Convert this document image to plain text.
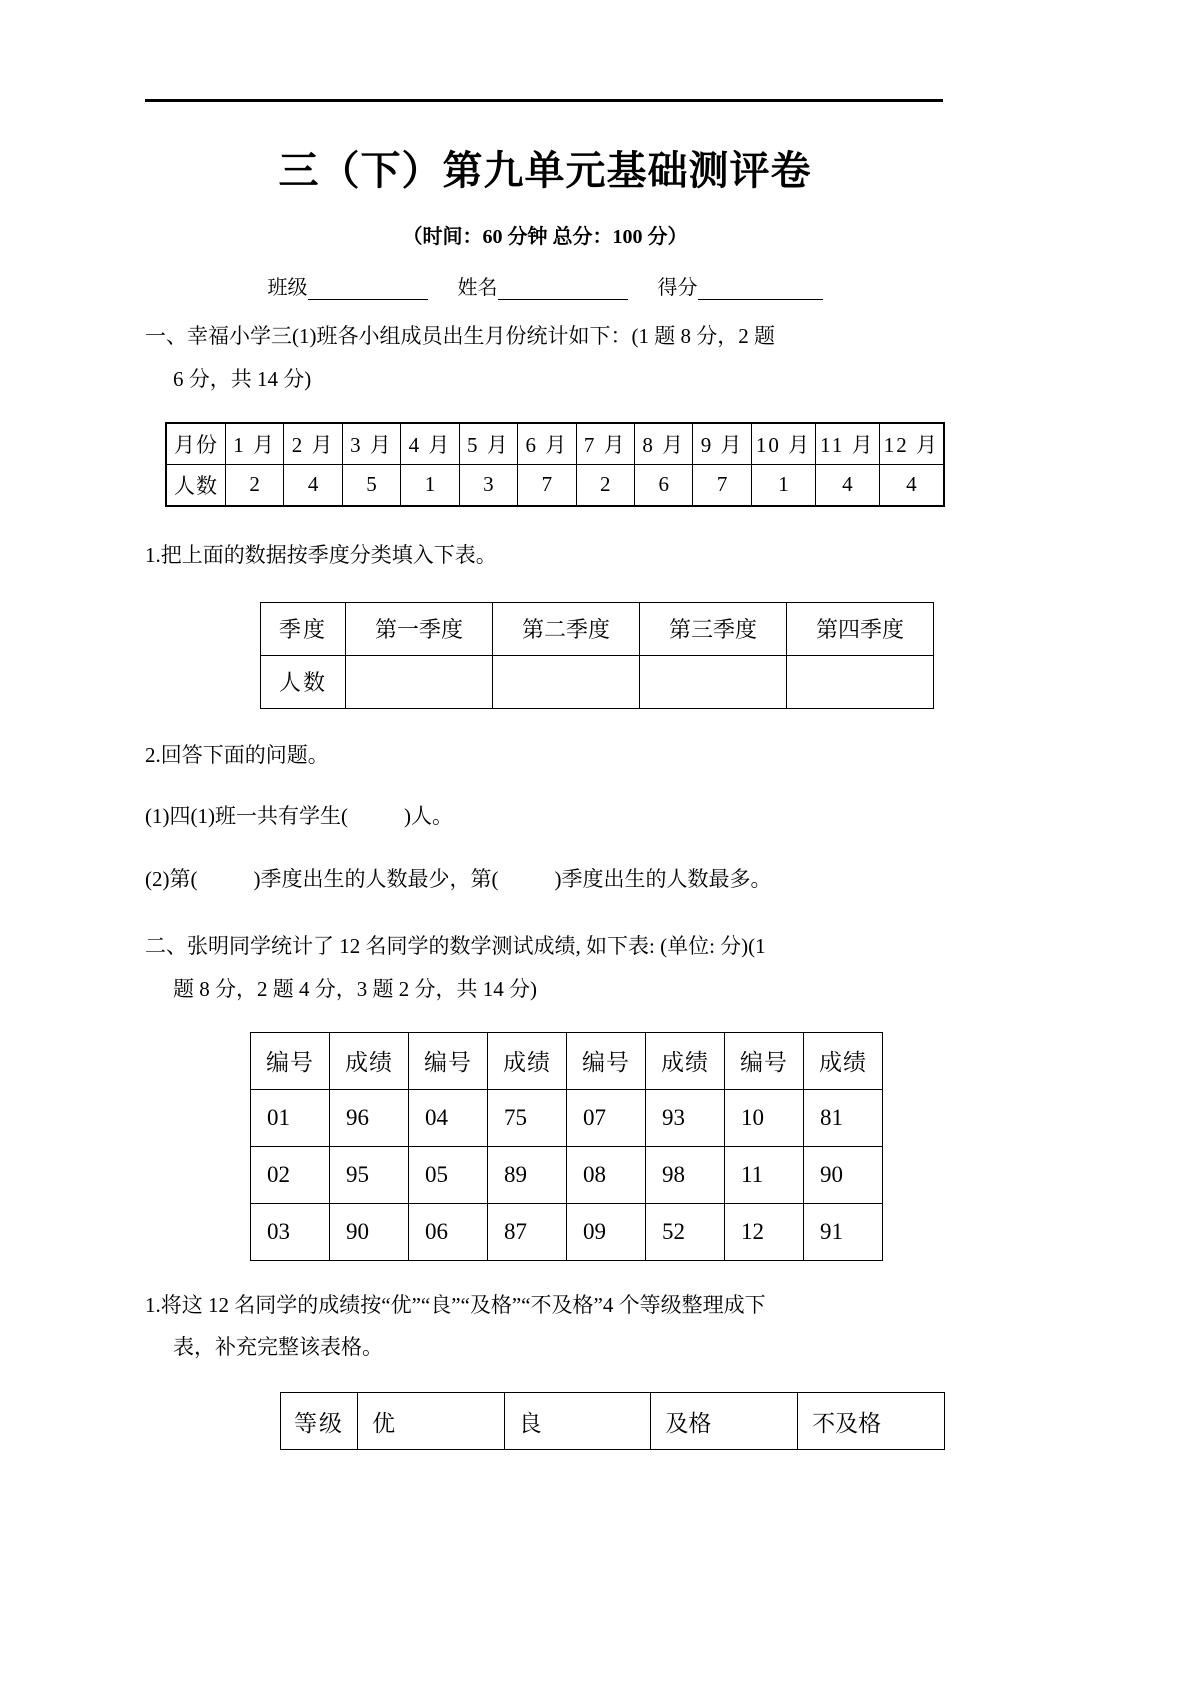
三（下）第九单元基础测评卷
（时间：60 分钟 总分：100 分）
班级	姓名	得分
一、幸福小学三(1)班各小组成员出生月份统计如下：(1 题 8 分，2 题
6 分，共 14 分)
月份	1 月	2 月	3 月	4 月	5 月	6 月	7 月	8 月	9 月	10 月	11 月	12 月
人数	2	4	5	1	3	7	2	6	7	1	4	4
1.把上面的数据按季度分类填入下表。
季度	第一季度	第二季度	第三季度	第四季度
人数				
2.回答下面的问题。
(1)四(1)班一共有学生(	)人。
(2)第(	)季度出生的人数最少，第(	)季度出生的人数最多。
二、张明同学统计了 12 名同学的数学测试成绩, 如下表: (单位: 分)(1
题 8 分，2 题 4 分，3 题 2 分，共 14 分)
编号	成绩	编号	成绩	编号	成绩	编号	成绩
01	96	04	75	07	93	10	81
02	95	05	89	08	98	11	90
03	90	06	87	09	52	12	91
1.将这 12 名同学的成绩按“优”“良”“及格”“不及格”4 个等级整理成下
表，补充完整该表格。
等级	优	良	及格	不及格
